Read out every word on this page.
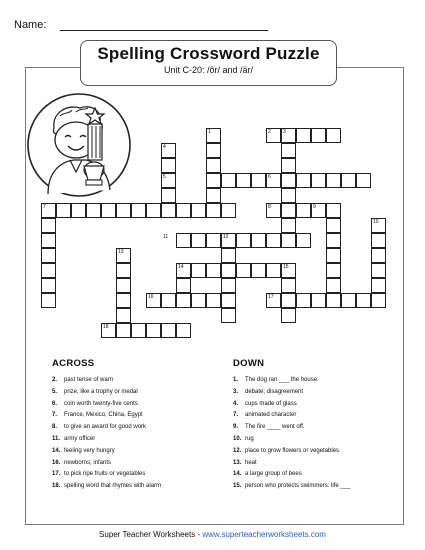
Name:
Spelling Crossword Puzzle
Unit C-20: /ôr/ and /är/
1	2 3
4
5	6
7	8	9
10
11	12
13
14	15
16	17
18
ACROSS
2. past tense of warn
5. prize, like a trophy or medal
6. coin worth twenty-five cents
7. France, Mexico, China, Egypt
8. to give an award for good work
11. army officer
14. feeling very hungry
16. newborns; infants
17. to pick ripe fruits or vegetables
18. spelling word that rhymes with alarm
DOWN
1. The dog ran ___ the house.
3. debate; disagreement
4. cups made of glass
7. animated character
9. The fire ____ went off.
10. rug
12. place to grow flowers or vegetables
13. heat
14. a large group of bees
15. person who protects swimmers: life ___
Super Teacher Worksheets - www.superteacherworksheets.com
